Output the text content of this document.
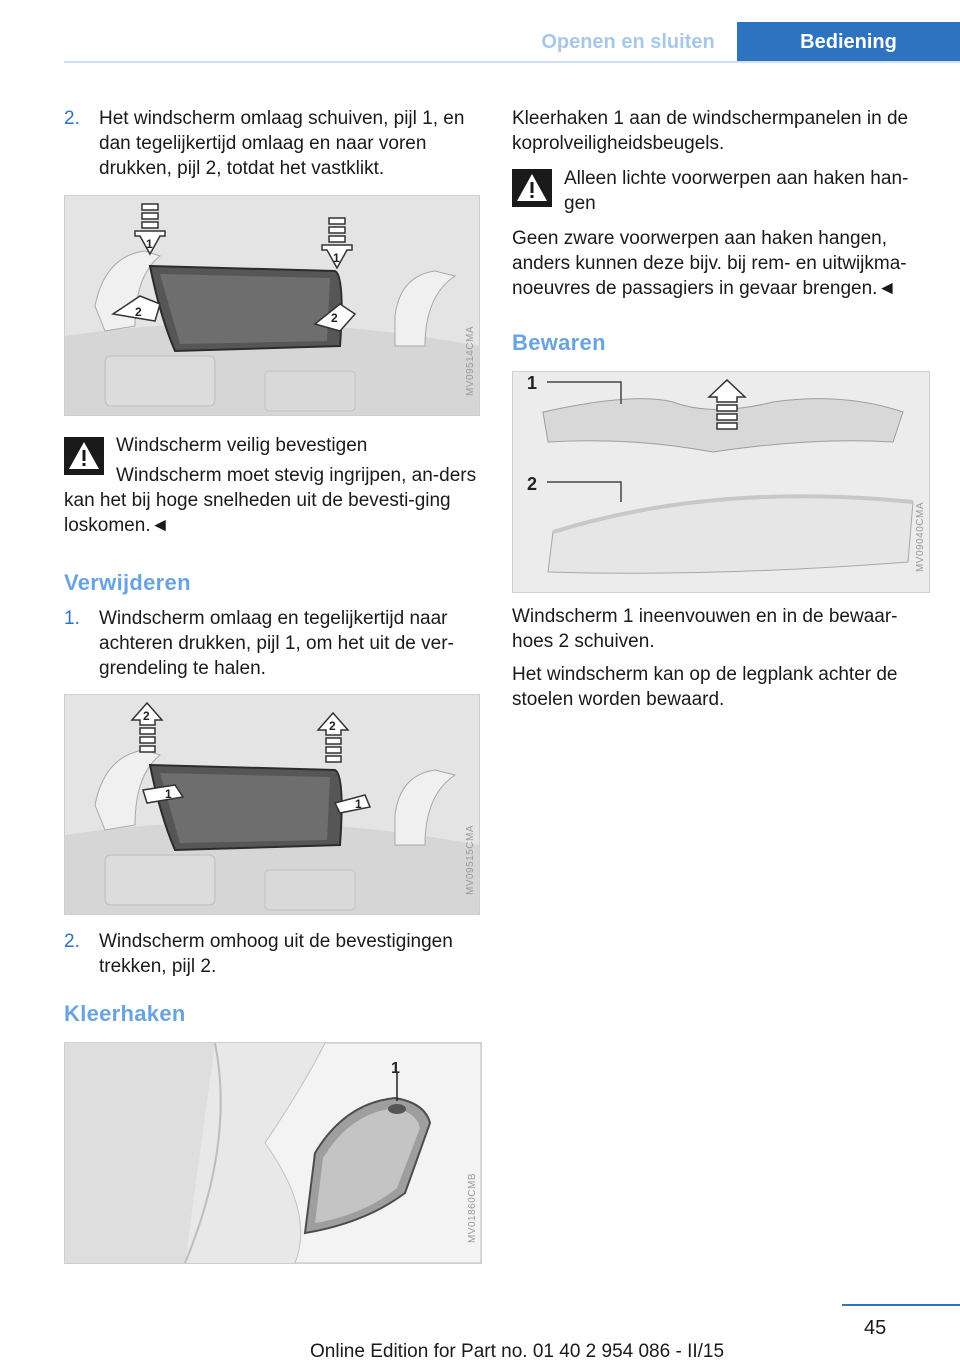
Openen en sluiten	Bediening
2. Het windscherm omlaag schuiven, pijl 1, en dan tegelijkertijd omlaag en naar voren drukken, pijl 2, totdat het vastklikt.
1
1
2	2
MV09514CMA
Windscherm veilig bevestigen
Windscherm moet stevig ingrijpen, an-ders kan het bij hoge snelheden uit de bevesti-ging loskomen.◄
Verwijderen
1. Windscherm omlaag en tegelijkertijd naar achteren drukken, pijl 1, om het uit de ver-grendeling te halen.
2
2
1
1
MV09515CMA
2. Windscherm omhoog uit de bevestigingen trekken, pijl 2.
Kleerhaken
1
MV01860CMB
Kleerhaken 1 aan de windschermpanelen in de koprolveiligheidsbeugels.
Alleen lichte voorwerpen aan haken han-gen
Geen zware voorwerpen aan haken hangen, anders kunnen deze bijv. bij rem- en uitwijkma-noeuvres de passagiers in gevaar brengen.◄
Bewaren
1
2
MV09040CMA
Windscherm 1 ineenvouwen en in de bewaar-hoes 2 schuiven.
Het windscherm kan op de legplank achter de stoelen worden bewaard.
45
Online Edition for Part no. 01 40 2 954 086 - II/15
